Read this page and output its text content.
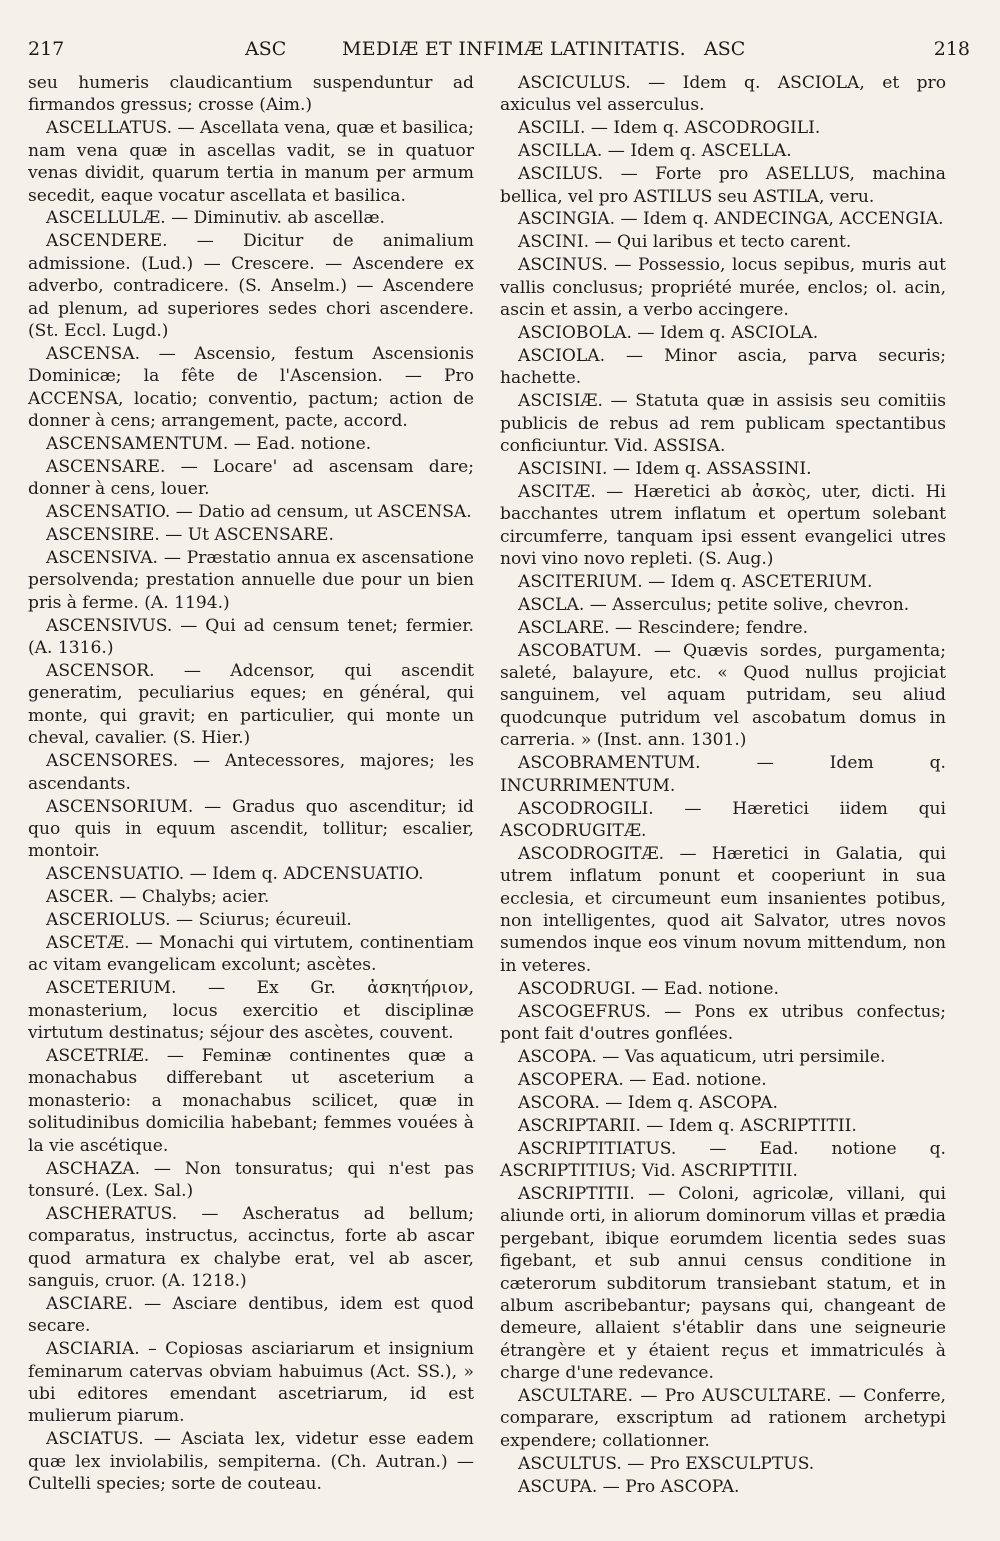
217	ASC	MEDIÆ ET INFIMÆ LATINITATIS. ASC	218

seu humeris claudicantium suspenduntur ad firmandos gressus; crosse (Aim.)

ASCELLATUS. — Ascellata vena, quæ et basilica; nam vena quæ in ascellas vadit, se in quatuor venas dividit, quarum tertia in manum per armum secedit, eaque vocatur ascellata et basilica.

ASCELLULÆ. — Diminutiv. ab ascellæ.

ASCENDERE. — Dicitur de animalium admissione. (Lud.) — Crescere. — Ascendere ex adverbo, contradicere. (S. Anselm.) — Ascendere ad plenum, ad superiores sedes chori ascendere. (St. Eccl. Lugd.)

ASCENSA. — Ascensio, festum Ascensionis Dominicæ; la fête de l'Ascension. — Pro ACCENSA, locatio; conventio, pactum; action de donner à cens; arrangement, pacte, accord.

ASCENSAMENTUM. — Ead. notione.

ASCENSARE. — Locare' ad ascensam dare; donner à cens, louer.

ASCENSATIO. — Datio ad censum, ut ASCENSA.

ASCENSIRE. — Ut ASCENSARE.

ASCENSIVA. — Præstatio annua ex ascensatione persolvenda; prestation annuelle due pour un bien pris à ferme. (A. 1194.)

ASCENSIVUS. — Qui ad censum tenet; fermier. (A. 1316.)

ASCENSOR. — Adcensor, qui ascendit generatim, peculiarius eques; en général, qui monte, qui gravit; en particulier, qui monte un cheval, cavalier. (S. Hier.)

ASCENSORES. — Antecessores, majores; les ascendants.

ASCENSORIUM. — Gradus quo ascenditur; id quo quis in equum ascendit, tollitur; escalier, montoir.

ASCENSUATIO. — Idem q. ADCENSUATIO.

ASCER. — Chalybs; acier.

ASCERIOLUS. — Sciurus; écureuil.

ASCETÆ. — Monachi qui virtutem, continentiam ac vitam evangelicam excolunt; ascètes.

ASCETERIUM. — Ex Gr. ἀσκητήριον, monasterium, locus exercitio et disciplinæ virtutum destinatus; séjour des ascètes, couvent.

ASCETRIÆ. — Feminæ continentes quæ a monachabus differebant ut asceterium a monasterio: a monachabus scilicet, quæ in solitudinibus domicilia habebant; femmes vouées à la vie ascétique.

ASCHAZA. — Non tonsuratus; qui n'est pas tonsuré. (Lex. Sal.)

ASCHERATUS. — Ascheratus ad bellum; comparatus, instructus, accinctus, forte ab ascar quod armatura ex chalybe erat, vel ab ascer, sanguis, cruor. (A. 1218.)

ASCIARE. — Asciare dentibus, idem est quod secare.

ASCIARIA. – Copiosas asciariarum et insignium feminarum catervas obviam habuimus (Act. SS.), » ubi editores emendant ascetriarum, id est mulierum piarum.

ASCIATUS. — Asciata lex, videtur esse eadem quæ lex inviolabilis, sempiterna. (Ch. Autran.) — Cultelli species; sorte de couteau.

ASCICULUS. — Idem q. ASCIOLA, et pro axiculus vel asserculus.

ASCILI. — Idem q. ASCODROGILI.

ASCILLA. — Idem q. ASCELLA.

ASCILUS. — Forte pro ASELLUS, machina bellica, vel pro ASTILUS seu ASTILA, veru.

ASCINGIA. — Idem q. ANDECINGA, ACCENGIA.

ASCINI. — Qui laribus et tecto carent.

ASCINUS. — Possessio, locus sepibus, muris aut vallis conclusus; propriété murée, enclos; ol. acin, ascin et assin, a verbo accingere.

ASCIOBOLA. — Idem q. ASCIOLA.

ASCIOLA. — Minor ascia, parva securis; hachette.

ASCISIÆ. — Statuta quæ in assisis seu comitiis publicis de rebus ad rem publicam spectantibus conficiuntur. Vid. ASSISA.

ASCISINI. — Idem q. ASSASSINI.

ASCITÆ. — Hæretici ab ἀσκὸς, uter, dicti. Hi bacchantes utrem inflatum et opertum solebant circumferre, tanquam ipsi essent evangelici utres novi vino novo repleti. (S. Aug.)

ASCITERIUM. — Idem q. ASCETERIUM.

ASCLA. — Asserculus; petite solive, chevron.

ASCLARE. — Rescindere; fendre.

ASCOBATUM. — Quævis sordes, purgamenta; saleté, balayure, etc. « Quod nullus projiciat sanguinem, vel aquam putridam, seu aliud quodcunque putridum vel ascobatum domus in carreria. » (Inst. ann. 1301.)

ASCOBRAMENTUM. — Idem q. INCURRIMENTUM.

ASCODROGILI. — Hæretici iidem qui ASCODRUGITÆ.

ASCODROGITÆ. — Hæretici in Galatia, qui utrem inflatum ponunt et cooperiunt in sua ecclesia, et circumeunt eum insanientes potibus, non intelligentes, quod ait Salvator, utres novos sumendos inque eos vinum novum mittendum, non in veteres.

ASCODRUGI. — Ead. notione.

ASCOGEFRUS. — Pons ex utribus confectus; pont fait d'outres gonflées.

ASCOPA. — Vas aquaticum, utri persimile.

ASCOPERA. — Ead. notione.

ASCORA. — Idem q. ASCOPA.

ASCRIPTARII. — Idem q. ASCRIPTITII.

ASCRIPTITIATUS. — Ead. notione q. ASCRIPTITIUS; Vid. ASCRIPTITII.

ASCRIPTITII. — Coloni, agricolæ, villani, qui aliunde orti, in aliorum dominorum villas et prædia pergebant, ibique eorumdem licentia sedes suas figebant, et sub annui census conditione in cæterorum subditorum transiebant statum, et in album ascribebantur; paysans qui, changeant de demeure, allaient s'établir dans une seigneurie étrangère et y étaient reçus et immatriculés à charge d'une redevance.

ASCULTARE. — Pro AUSCULTARE. — Conferre, comparare, exscriptum ad rationem archetypi expendere; collationner.

ASCULTUS. — Pro EXSCULPTUS.

ASCUPA. — Pro ASCOPA.
